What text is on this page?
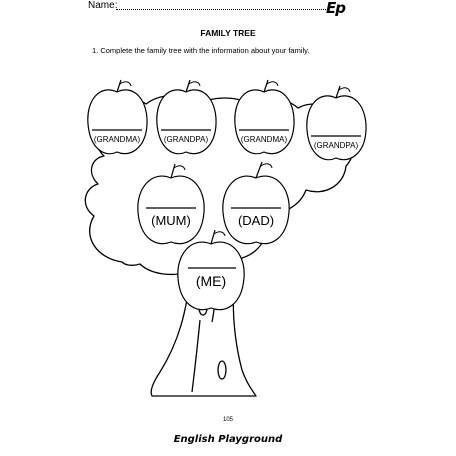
Name:	Ep
FAMILY TREE
1. Complete the family tree with the information about your family.
(GRANDMA)	(GRANDPA)	(GRANDMA)
(GRANDPA)
(MUM)	(DAD)
(ME)
105
English Playground
